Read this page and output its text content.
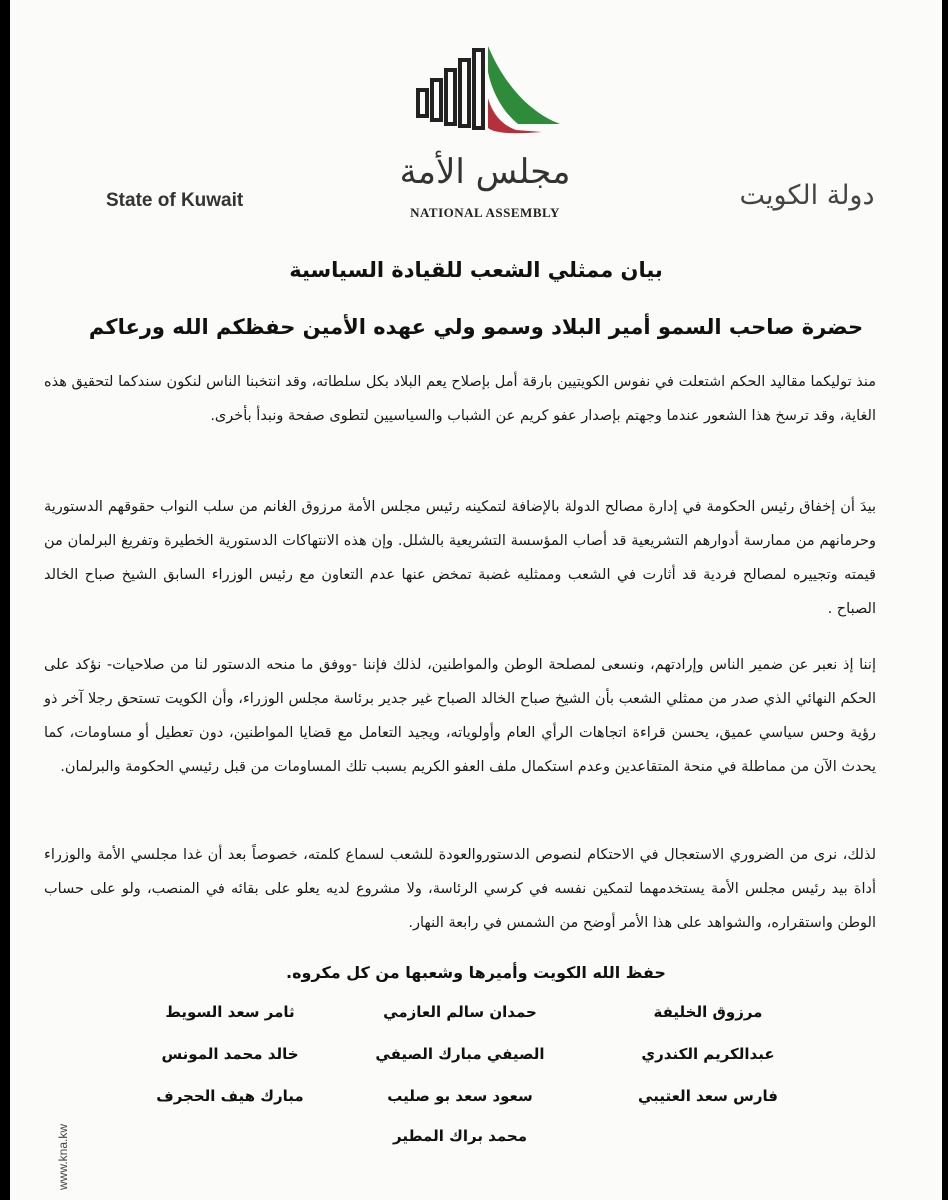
مجلس الأمة
NATIONAL ASSEMBLY
State of Kuwait	دولة الكويت
بيان ممثلي الشعب للقيادة السياسية
حضرة صاحب السمو أمير البلاد وسمو ولي عهده الأمين حفظكم الله ورعاكم

منذ توليكما مقاليد الحكم اشتعلت في نفوس الكويتيين بارقة أمل بإصلاح يعم البلاد بكل سلطاته، وقد انتخبنا الناس لنكون سندكما لتحقيق هذه الغاية، وقد ترسخ هذا الشعور عندما وجهتم بإصدار عفو كريم عن الشباب والسياسيين لتطوى صفحة ونبدأ بأخرى.

بيدَ أن إخفاق رئيس الحكومة في إدارة مصالح الدولة بالإضافة لتمكينه رئيس مجلس الأمة مرزوق الغانم من سلب النواب حقوقهم الدستورية وحرمانهم من ممارسة أدوارهم التشريعية قد أصاب المؤسسة التشريعية بالشلل. وإن هذه الانتهاكات الدستورية الخطيرة وتفريغ البرلمان من قيمته وتجييره لمصالح فردية قد أثارت في الشعب وممثليه غضبة تمخض عنها عدم التعاون مع رئيس الوزراء السابق الشيخ صباح الخالد الصباح .

إننا إذ نعبر عن ضمير الناس وإرادتهم، ونسعى لمصلحة الوطن والمواطنين، لذلك فإننا -ووفق ما منحه الدستور لنا من صلاحيات- نؤكد على الحكم النهائي الذي صدر من ممثلي الشعب بأن الشيخ صباح الخالد الصباح غير جدير برئاسة مجلس الوزراء، وأن الكويت تستحق رجلا آخر ذو رؤية وحس سياسي عميق، يحسن قراءة اتجاهات الرأي العام وأولوياته، ويجيد التعامل مع قضايا المواطنين، دون تعطيل أو مساومات، كما يحدث الآن من مماطلة في منحة المتقاعدين وعدم استكمال ملف العفو الكريم بسبب تلك المساومات من قبل رئيسي الحكومة والبرلمان.

لذلك، نرى من الضروري الاستعجال في الاحتكام لنصوص الدستوروالعودة للشعب لسماع كلمته، خصوصاً بعد أن غدا مجلسي الأمة والوزراء أداة بيد رئيس مجلس الأمة يستخدمهما لتمكين نفسه في كرسي الرئاسة، ولا مشروع لديه يعلو على بقائه في المنصب، ولو على حساب الوطن واستقراره، والشواهد على هذا الأمر أوضح من الشمس في رابعة النهار.

حفظ الله الكويت وأميرها وشعبها من كل مكروه.
مرزوق الخليفة
عبدالكريم الكندري
فارس سعد العتيبي
حمدان سالم العازمي
الصيفي مبارك الصيفي
سعود سعد بو صليب
محمد براك المطير
ثامر سعد السويط
خالد محمد المونس
مبارك هيف الحجرف
www.kna.kw
